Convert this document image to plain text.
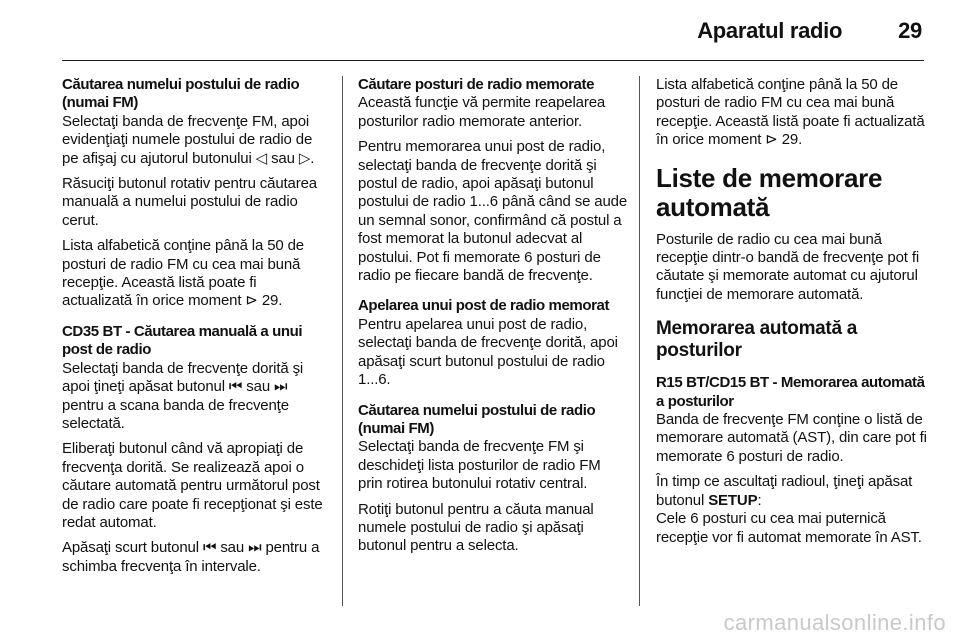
Aparatul radio	29
Căutarea numelui postului de radio (numai FM)

Selectaţi banda de frecvenţe FM, apoi evidenţiaţi numele postului de radio de pe afişaj cu ajutorul butonului ◁ sau ▷.

Răsuciţi butonul rotativ pentru căutarea manuală a numelui postului de radio cerut.

Lista alfabetică conţine până la 50 de posturi de radio FM cu cea mai bună recepţie. Această listă poate fi actualizată în orice moment ⊳ 29.

CD35 BT - Căutarea manuală a unui post de radio

Selectaţi banda de frecvenţe dorită şi apoi ţineţi apăsat butonul ⏮ sau ⏭ pentru a scana banda de frecvenţe selectată.

Eliberaţi butonul când vă apropiaţi de frecvenţa dorită. Se realizează apoi o căutare automată pentru următorul post de radio care poate fi recepţionat şi este redat automat.

Apăsaţi scurt butonul ⏮ sau ⏭ pentru a schimba frecvenţa în intervale.

Căutare posturi de radio memorate

Această funcţie vă permite reapelarea posturilor radio memorate anterior.

Pentru memorarea unui post de radio, selectaţi banda de frecvenţe dorită şi postul de radio, apoi apăsaţi butonul postului de radio 1...6 până când se aude un semnal sonor, confirmând că postul a fost memorat la butonul adecvat al postului. Pot fi memorate 6 posturi de radio pe fiecare bandă de frecvenţe.

Apelarea unui post de radio memorat

Pentru apelarea unui post de radio, selectaţi banda de frecvenţe dorită, apoi apăsaţi scurt butonul postului de radio 1...6.

Căutarea numelui postului de radio (numai FM)

Selectaţi banda de frecvenţe FM şi deschideţi lista posturilor de radio FM prin rotirea butonului rotativ central.

Rotiţi butonul pentru a căuta manual numele postului de radio şi apăsaţi butonul pentru a selecta.

Lista alfabetică conţine până la 50 de posturi de radio FM cu cea mai bună recepţie. Această listă poate fi actualizată în orice moment ⊳ 29.

Liste de memorare automată

Posturile de radio cu cea mai bună recepţie dintr-o bandă de frecvenţe pot fi căutate şi memorate automat cu ajutorul funcţiei de memorare automată.

Memorarea automată a posturilor
R15 BT/CD15 BT - Memorarea automată a posturilor

Banda de frecvenţe FM conţine o listă de memorare automată (AST), din care pot fi memorate 6 posturi de radio.

În timp ce ascultaţi radioul, ţineţi apăsat butonul SETUP:
Cele 6 posturi cu cea mai puternică recepţie vor fi automat memorate în AST.

carmanualsonline.info
